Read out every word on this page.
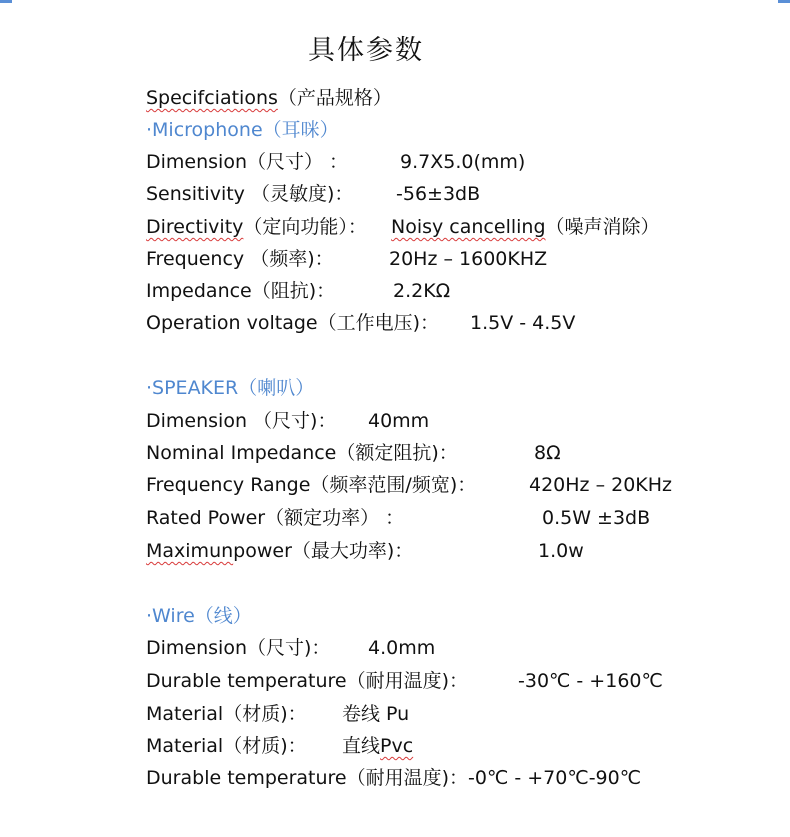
具体参数
Specifciations（产品规格）
·Microphone（耳咪）
Dimension（尺寸） ：	9.7X5.0(mm)
Sensitivity （灵敏度)： -56±3dB
Directivity（定向功能）： Noisy cancelling（噪声消除）
Frequency （频率)：	20Hz – 1600KHZ
Impedance（阻抗)：	2.2KΩ
Operation voltage（工作电压)： 1.5V - 4.5V
·SPEAKER（喇叭）
Dimension （尺寸)： 40mm
Nominal Impedance（额定阻抗)：	8Ω
Frequency Range（频率范围/频宽)：	420Hz – 20KHz
Rated Power（额定功率） ：	0.5W ±3dB
Maximunpower（最大功率)：	1.0w
·Wire（线）
Dimension（尺寸)： 4.0mm
Durable temperature（耐用温度)：	-30℃ - +160℃
Material（材质)： 卷线 Pu
Material（材质)： 直线Pvc
Durable temperature（耐用温度)：-0℃ - +70℃-90℃
